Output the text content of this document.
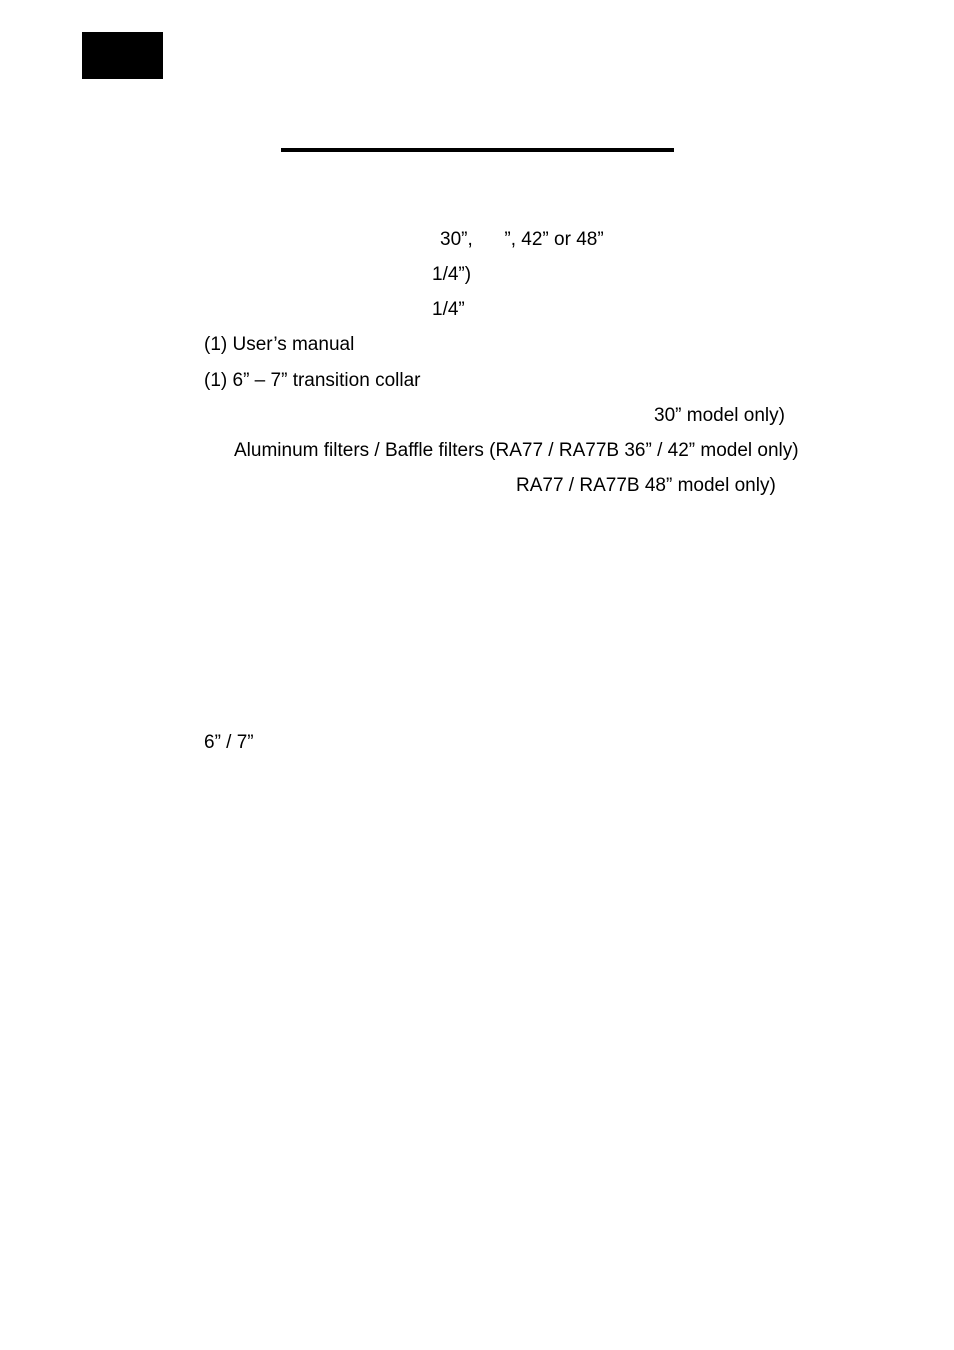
30”,      ”, 42” or 48”
1/4”)
1/4”
(1) User’s manual
(1) 6” – 7” transition collar
30” model only)
Aluminum filters / Baffle filters (RA77 / RA77B 36” / 42” model only)
RA77 / RA77B 48” model only)
6” / 7”
